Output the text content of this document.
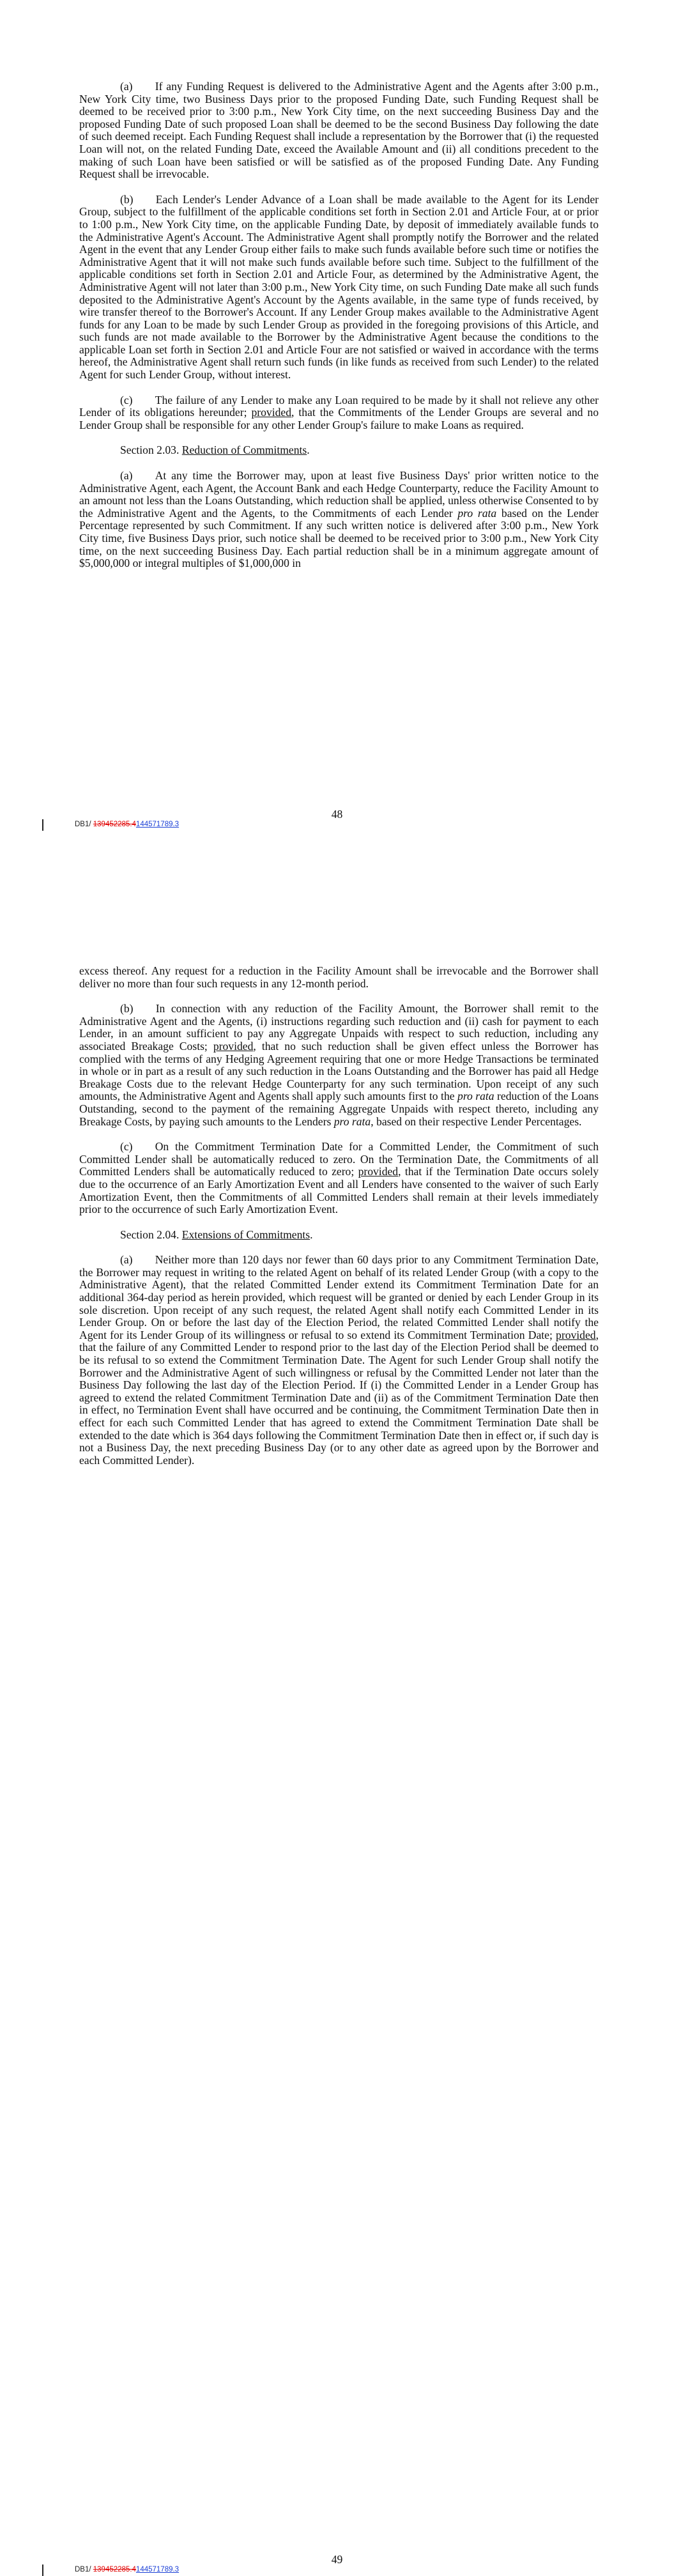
(a)  If any Funding Request is delivered to the Administrative Agent and the Agents after 3:00 p.m., New York City time, two Business Days prior to the proposed Funding Date, such Funding Request shall be deemed to be received prior to 3:00 p.m., New York City time, on the next succeeding Business Day and the proposed Funding Date of such proposed Loan shall be deemed to be the second Business Day following the date of such deemed receipt. Each Funding Request shall include a representation by the Borrower that (i) the requested Loan will not, on the related Funding Date, exceed the Available Amount and (ii) all conditions precedent to the making of such Loan have been satisfied or will be satisfied as of the proposed Funding Date. Any Funding Request shall be irrevocable.

(b)  Each Lender's Lender Advance of a Loan shall be made available to the Agent for its Lender Group, subject to the fulfillment of the applicable conditions set forth in Section 2.01 and Article Four, at or prior to 1:00 p.m., New York City time, on the applicable Funding Date, by deposit of immediately available funds to the Administrative Agent's Account. The Administrative Agent shall promptly notify the Borrower and the related Agent in the event that any Lender Group either fails to make such funds available before such time or notifies the Administrative Agent that it will not make such funds available before such time. Subject to the fulfillment of the applicable conditions set forth in Section 2.01 and Article Four, as determined by the Administrative Agent, the Administrative Agent will not later than 3:00 p.m., New York City time, on such Funding Date make all such funds deposited to the Administrative Agent's Account by the Agents available, in the same type of funds received, by wire transfer thereof to the Borrower's Account. If any Lender Group makes available to the Administrative Agent funds for any Loan to be made by such Lender Group as provided in the foregoing provisions of this Article, and such funds are not made available to the Borrower by the Administrative Agent because the conditions to the applicable Loan set forth in Section 2.01 and Article Four are not satisfied or waived in accordance with the terms hereof, the Administrative Agent shall return such funds (in like funds as received from such Lender) to the related Agent for such Lender Group, without interest.

(c)  The failure of any Lender to make any Loan required to be made by it shall not relieve any other Lender of its obligations hereunder; provided, that the Commitments of the Lender Groups are several and no Lender Group shall be responsible for any other Lender Group's failure to make Loans as required.

Section 2.03. Reduction of Commitments.

(a)  At any time the Borrower may, upon at least five Business Days' prior written notice to the Administrative Agent, each Agent, the Account Bank and each Hedge Counterparty, reduce the Facility Amount to an amount not less than the Loans Outstanding, which reduction shall be applied, unless otherwise Consented to by the Administrative Agent and the Agents, to the Commitments of each Lender pro rata based on the Lender Percentage represented by such Commitment. If any such written notice is delivered after 3:00 p.m., New York City time, five Business Days prior, such notice shall be deemed to be received prior to 3:00 p.m., New York City time, on the next succeeding Business Day. Each partial reduction shall be in a minimum aggregate amount of $5,000,000 or integral multiples of $1,000,000 in

48
DB1/ 139452285.4144571789.3

excess thereof. Any request for a reduction in the Facility Amount shall be irrevocable and the Borrower shall deliver no more than four such requests in any 12-month period.

(b)  In connection with any reduction of the Facility Amount, the Borrower shall remit to the Administrative Agent and the Agents, (i) instructions regarding such reduction and (ii) cash for payment to each Lender, in an amount sufficient to pay any Aggregate Unpaids with respect to such reduction, including any associated Breakage Costs; provided, that no such reduction shall be given effect unless the Borrower has complied with the terms of any Hedging Agreement requiring that one or more Hedge Transactions be terminated in whole or in part as a result of any such reduction in the Loans Outstanding and the Borrower has paid all Hedge Breakage Costs due to the relevant Hedge Counterparty for any such termination. Upon receipt of any such amounts, the Administrative Agent and Agents shall apply such amounts first to the pro rata reduction of the Loans Outstanding, second to the payment of the remaining Aggregate Unpaids with respect thereto, including any Breakage Costs, by paying such amounts to the Lenders pro rata, based on their respective Lender Percentages.

(c)  On the Commitment Termination Date for a Committed Lender, the Commitment of such Committed Lender shall be automatically reduced to zero. On the Termination Date, the Commitments of all Committed Lenders shall be automatically reduced to zero; provided, that if the Termination Date occurs solely due to the occurrence of an Early Amortization Event and all Lenders have consented to the waiver of such Early Amortization Event, then the Commitments of all Committed Lenders shall remain at their levels immediately prior to the occurrence of such Early Amortization Event.

Section 2.04. Extensions of Commitments.

(a)  Neither more than 120 days nor fewer than 60 days prior to any Commitment Termination Date, the Borrower may request in writing to the related Agent on behalf of its related Lender Group (with a copy to the Administrative Agent), that the related Committed Lender extend its Commitment Termination Date for an additional 364-day period as herein provided, which request will be granted or denied by each Lender Group in its sole discretion. Upon receipt of any such request, the related Agent shall notify each Committed Lender in its Lender Group. On or before the last day of the Election Period, the related Committed Lender shall notify the Agent for its Lender Group of its willingness or refusal to so extend its Commitment Termination Date; provided, that the failure of any Committed Lender to respond prior to the last day of the Election Period shall be deemed to be its refusal to so extend the Commitment Termination Date. The Agent for such Lender Group shall notify the Borrower and the Administrative Agent of such willingness or refusal by the Committed Lender not later than the Business Day following the last day of the Election Period. If (i) the Committed Lender in a Lender Group has agreed to extend the related Commitment Termination Date and (ii) as of the Commitment Termination Date then in effect, no Termination Event shall have occurred and be continuing, the Commitment Termination Date then in effect for each such Committed Lender that has agreed to extend the Commitment Termination Date shall be extended to the date which is 364 days following the Commitment Termination Date then in effect or, if such day is not a Business Day, the next preceding Business Day (or to any other date as agreed upon by the Borrower and each Committed Lender).

49
DB1/ 139452285.4144571789.3
